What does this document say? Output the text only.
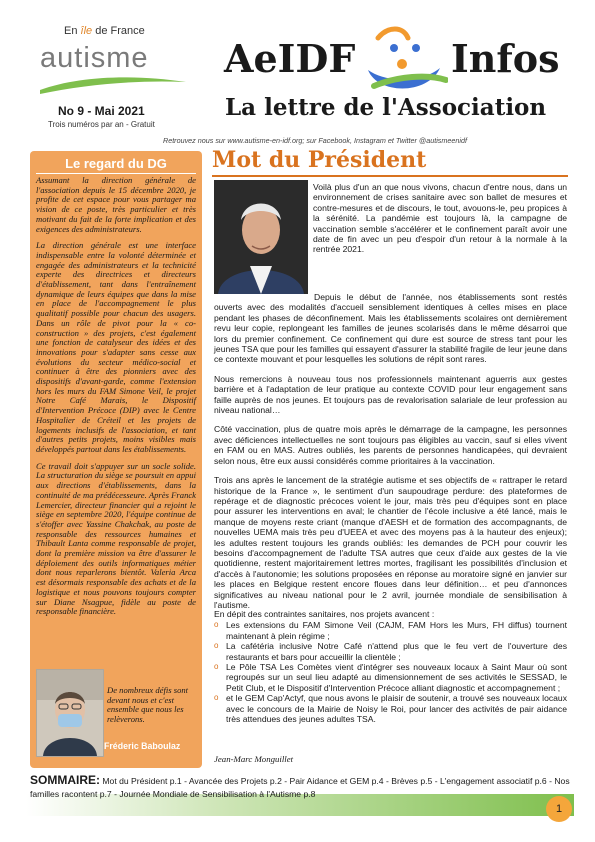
En île de France
autisme
No 9 - Mai 2021
Trois numéros par an - Gratuit
AeIDF	Infos
La lettre de l'Association
Retrouvez nous sur www.autisme-en-idf.org; sur Facebook, Instagram et Twitter @autismeenidf
Le regard du DG

Assumant la direction générale de l'association depuis le 15 décembre 2020, je profite de cet espace pour vous partager ma vision de ce poste, très particulier et très motivant du fait de la forte implication et des exigences des administrateurs.

La direction générale est une interface indispensable entre la volonté déterminée et engagée des administrateurs et la technicité experte des directrices et directeurs d'établissement, tant dans l'entraînement dynamique de leurs équipes que dans la mise en place de l'accompagnement le plus qualitatif possible pour chacun des usagers. Dans un rôle de pivot pour la « co-construction » des projets, c'est également une fonction de catalyseur des idées et des innovations pour s'adapter sans cesse aux évolutions du secteur médico-social et continuer à être des pionniers avec des dispositifs d'avant-garde, comme l'extension hors les murs du FAM Simone Veil, le projet Notre Café Marais, le Dispositif d'Intervention Précoce (DIP) avec le Centre Hospitalier de Créteil et les projets de logements inclusifs de l'association, et tant d'autres petits projets, moins visibles mais développés partout dans les établissements.

Ce travail doit s'appuyer sur un socle solide. La structuration du siège se poursuit en appui aux directions d'établissements, dans la continuité de ma prédécesseure. Après Franck Lemercier, directeur financier qui a rejoint le siège en septembre 2020, l'équipe continue de s'étoffer avec Yassine Chakchak, au poste de responsable des ressources humaines et Thibault Lanta comme responsable de projet, dont la première mission va être d'assurer le déploiement des outils informatiques métier dont nous reparlerons bientôt. Valeria Arca est désormais responsable des achats et de la logistique et nous pouvons toujours compter sur Diane Nsagpue, fidèle au poste de responsable financière.

De nombreux défis sont devant nous et c'est ensemble que nous les relèverons.
Fréderic Baboulaz
Mot du Président
Voilà plus d'un an que nous vivons, chacun d'entre nous, dans un environnement de crises sanitaire avec son ballet de mesures et contre-mesures et de discours, le tout, avouons-le, peu propices à la sérénité. La pandémie est toujours là, la campagne de vaccination semble s'accélérer et le confinement paraît avoir une date de fin avec un peu d'espoir d'un retour à la normale à la rentrée 2021.

Depuis le début de l'année, nos établissements sont restés ouverts avec des modalités d'accueil sensiblement identiques à celles mises en place pendant les phases de déconfinement. Mais les établissements scolaires ont dernièrement revu leur copie, replongeant les familles de jeunes scolarisés dans le même désarroi que lors du premier confinement. Ce confinement qui dure est source de stress tant pour les jeunes TSA que pour les familles qui essayent d'assurer la stabilité fragile de leur jeune dans ce contexte mouvant et pour lesquelles les solutions de répit sont rares.

Nous remercions à nouveau tous nos professionnels maintenant aguerris aux gestes barrière et à l'adaptation de leur pratique au contexte COVID pour leur engagement sans faille auprès de nos jeunes. Et toujours pas de revalorisation salariale de leur profession au niveau national…

Côté vaccination, plus de quatre mois après le démarrage de la campagne, les personnes avec déficiences intellectuelles ne sont toujours pas éligibles au vaccin, sauf si elles vivent en FAM ou en MAS. Autres oubliés, les parents de personnes handicapées, qui devraient selon nous, être eux aussi considérés comme prioritaires à la vaccination.

Trois ans après le lancement de la stratégie autisme et ses objectifs de « rattraper le retard historique de la France », le sentiment d'un saupoudrage perdure: des plateformes de repérage et de diagnostic précoces voient le jour, mais très peu d'équipes sont en place pour assurer les interventions en aval; le chantier de l'école inclusive a été lancé, mais le manque de moyens reste criant (manque d'AESH et de formation des accompagnants, de nouvelles UEMA mais très peu d'UEEA et avec des moyens pas à la hauteur des enjeux); les adultes restent toujours les grands oubliés: les demandes de PCH pour couvrir les besoins d'accompagnement de l'adulte TSA autres que ceux d'aide aux gestes de la vie quotidienne, restent majoritairement lettres mortes, fragilisant les possibilités d'inclusion et d'accès à l'autonomie; les solutions proposées en réponse au moratoire signé en janvier sur les places en Belgique restent encore floues dans leur définition… et peu d'annonces significatives au niveau national pour le 2 avril, journée mondiale de sensibilisation à l'autisme.

En dépit des contraintes sanitaires, nos projets avancent :

o Les extensions du FAM Simone Veil (CAJM, FAM Hors les Murs, FH diffus) tournent maintenant à plein régime ;
o La cafétéria inclusive Notre Café n'attend plus que le feu vert de l'ouverture des restaurants et bars pour accueillir la clientèle ;
o Le Pôle TSA Les Comètes vient d'intégrer ses nouveaux locaux à Saint Maur où sont regroupés sur un seul lieu adapté au dimensionnement de ses activités le SESSAD, le Petit Club, et le Dispositif d'Intervention Précoce alliant diagnostic et accompagnement ;
o et le GEM Cap'Actyf, que nous avons le plaisir de soutenir, a trouvé ses nouveaux locaux avec le concours de la Mairie de Noisy le Roi, pour lancer des activités de pair aidance très attendues des jeunes adultes TSA.
Jean-Marc Monguillet
SOMMAIRE: Mot du Président p.1 - Avancée des Projets p.2 - Pair Aidance et GEM p.4 - Brèves p.5 - L'engagement associatif p.6 - Nos familles racontent p.7 - Journée Mondiale de Sensibilisation à l'Autisme p.8
1
